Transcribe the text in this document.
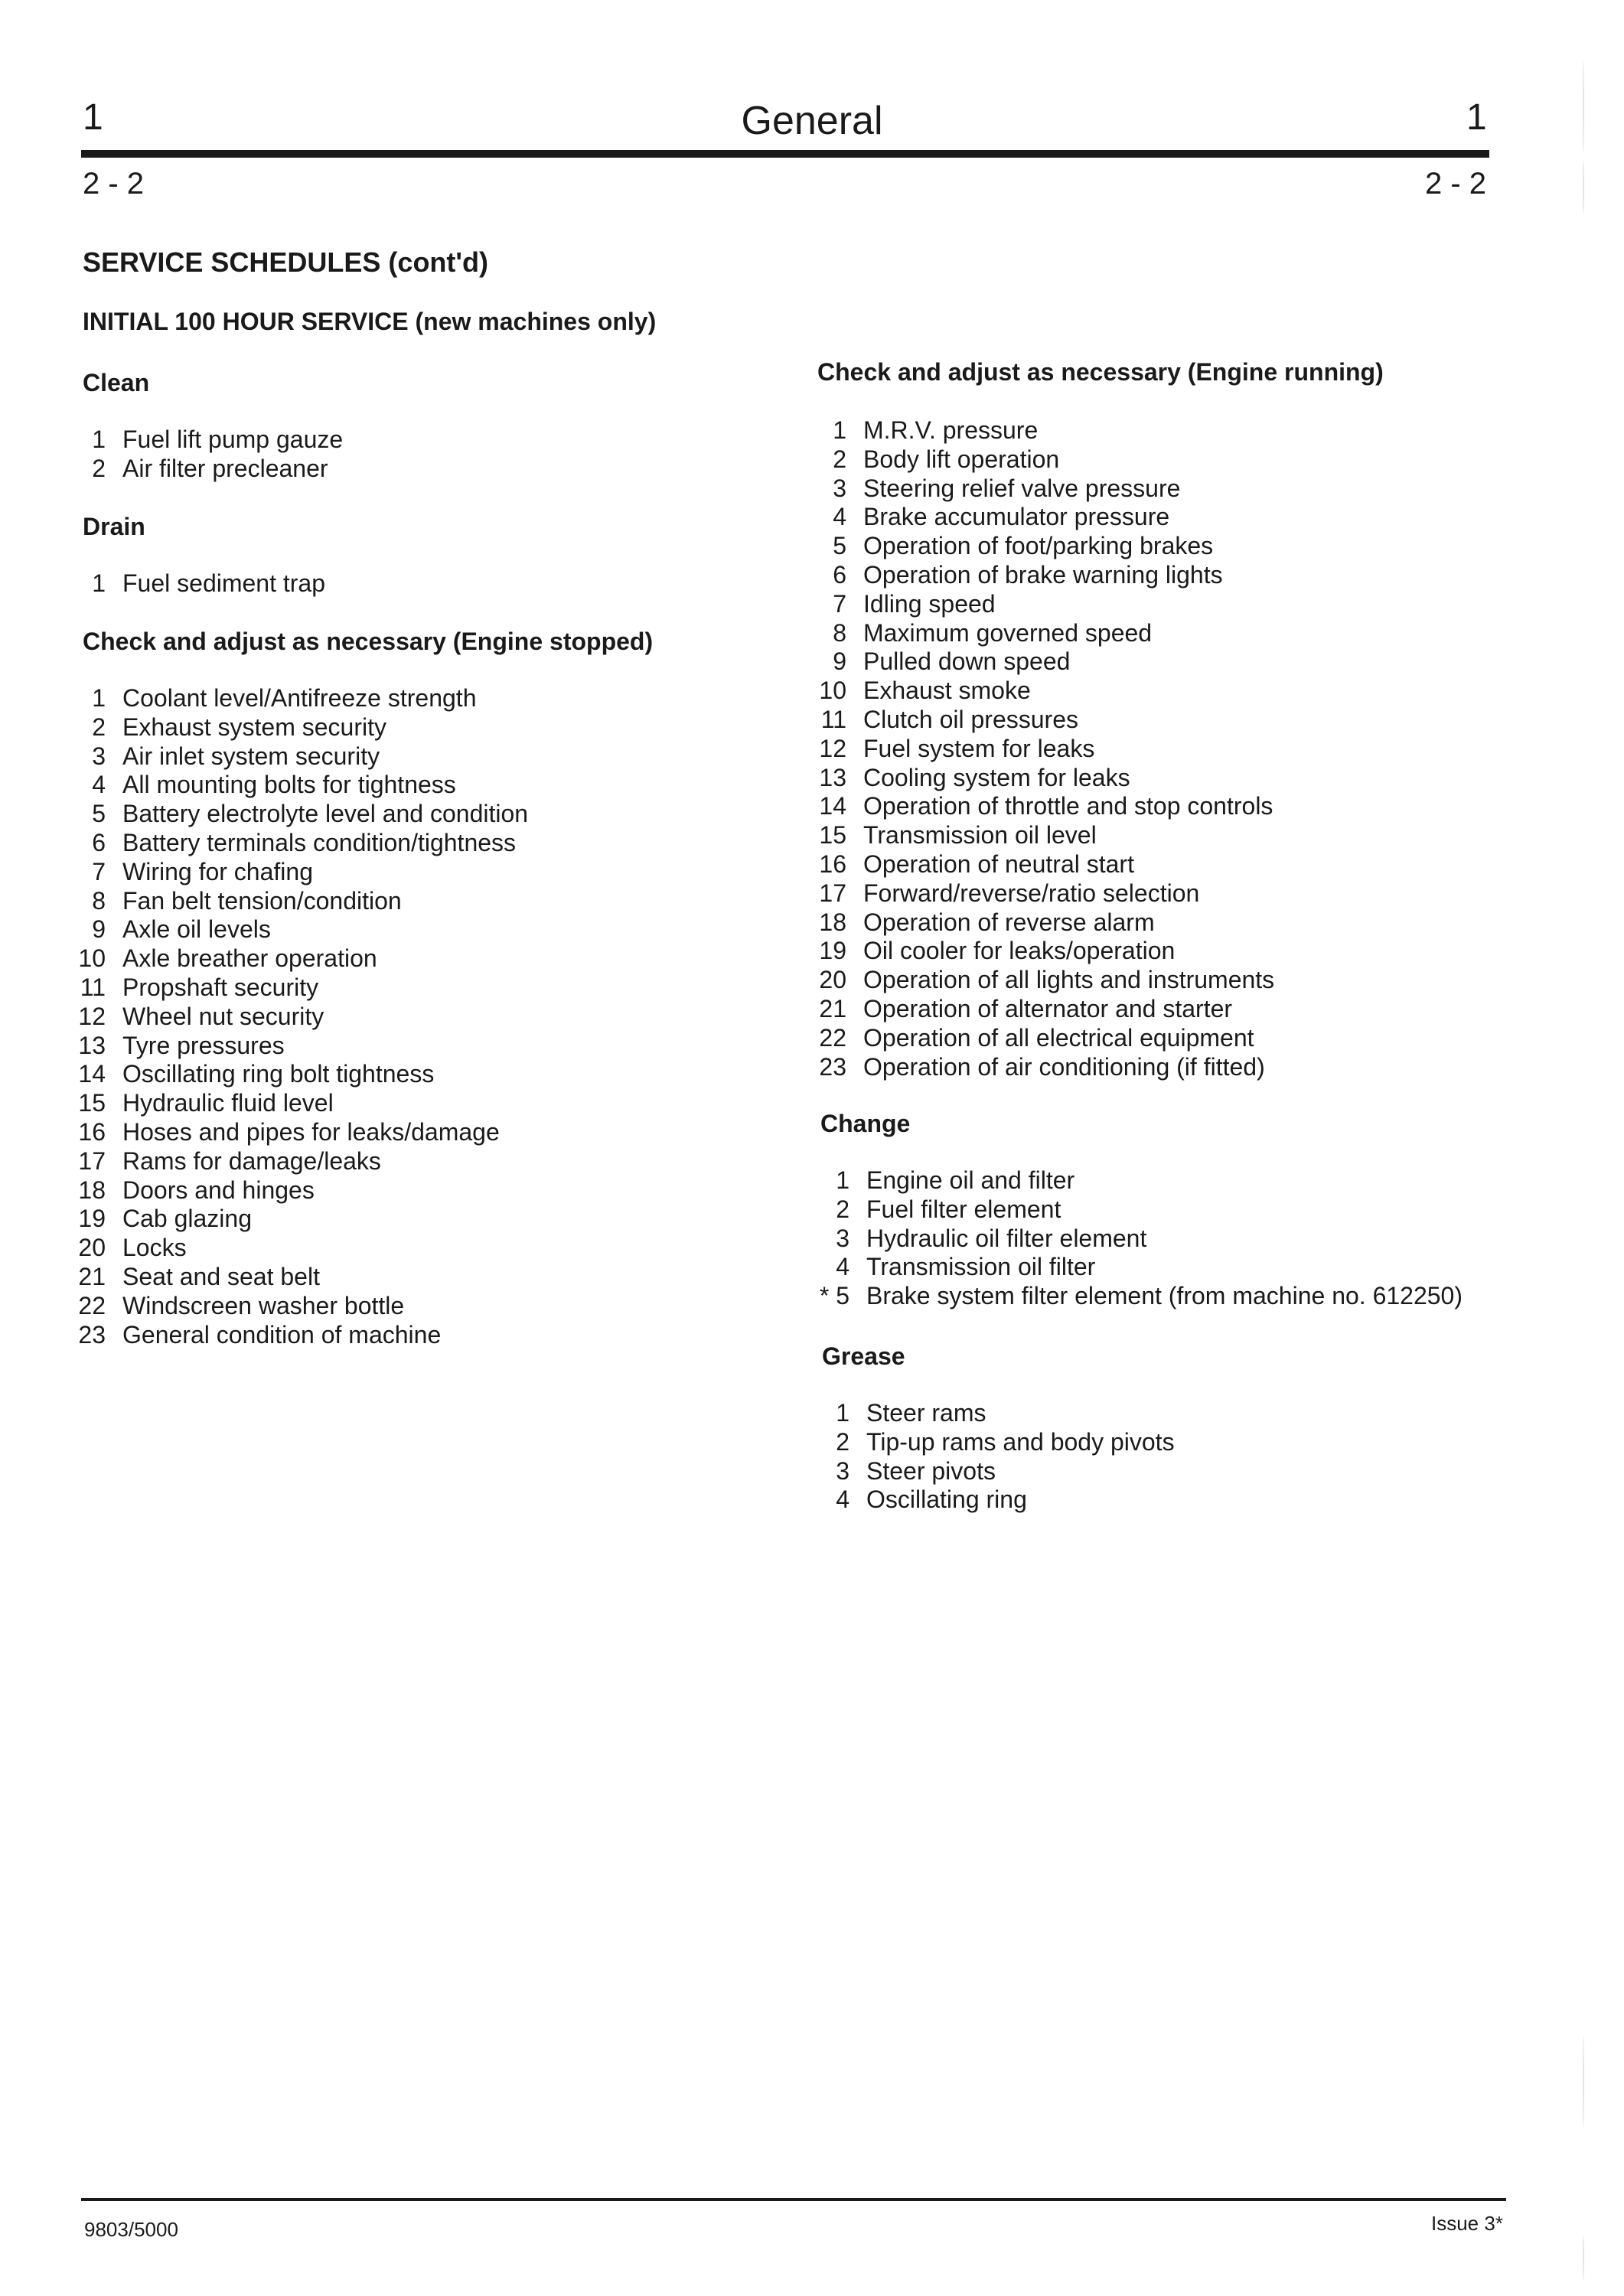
1	General	1
2 - 2	2 - 2
SERVICE SCHEDULES (cont'd)
INITIAL 100 HOUR SERVICE (new machines only)
Clean
1 Fuel lift pump gauze
2 Air filter precleaner
Drain
1 Fuel sediment trap
Check and adjust as necessary (Engine stopped)
1 Coolant level/Antifreeze strength
2 Exhaust system security
3 Air inlet system security
4 All mounting bolts for tightness
5 Battery electrolyte level and condition
6 Battery terminals condition/tightness
7 Wiring for chafing
8 Fan belt tension/condition
9 Axle oil levels
10 Axle breather operation
11 Propshaft security
12 Wheel nut security
13 Tyre pressures
14 Oscillating ring bolt tightness
15 Hydraulic fluid level
16 Hoses and pipes for leaks/damage
17 Rams for damage/leaks
18 Doors and hinges
19 Cab glazing
20 Locks
21 Seat and seat belt
22 Windscreen washer bottle
23 General condition of machine
Check and adjust as necessary (Engine running)
1 M.R.V. pressure
2 Body lift operation
3 Steering relief valve pressure
4 Brake accumulator pressure
5 Operation of foot/parking brakes
6 Operation of brake warning lights
7 Idling speed
8 Maximum governed speed
9 Pulled down speed
10 Exhaust smoke
11 Clutch oil pressures
12 Fuel system for leaks
13 Cooling system for leaks
14 Operation of throttle and stop controls
15 Transmission oil level
16 Operation of neutral start
17 Forward/reverse/ratio selection
18 Operation of reverse alarm
19 Oil cooler for leaks/operation
20 Operation of all lights and instruments
21 Operation of alternator and starter
22 Operation of all electrical equipment
23 Operation of air conditioning (if fitted)
Change
1 Engine oil and filter
2 Fuel filter element
3 Hydraulic oil filter element
4 Transmission oil filter
* 5 Brake system filter element (from machine no. 612250)
Grease
1 Steer rams
2 Tip-up rams and body pivots
3 Steer pivots
4 Oscillating ring
9803/5000	Issue 3*
